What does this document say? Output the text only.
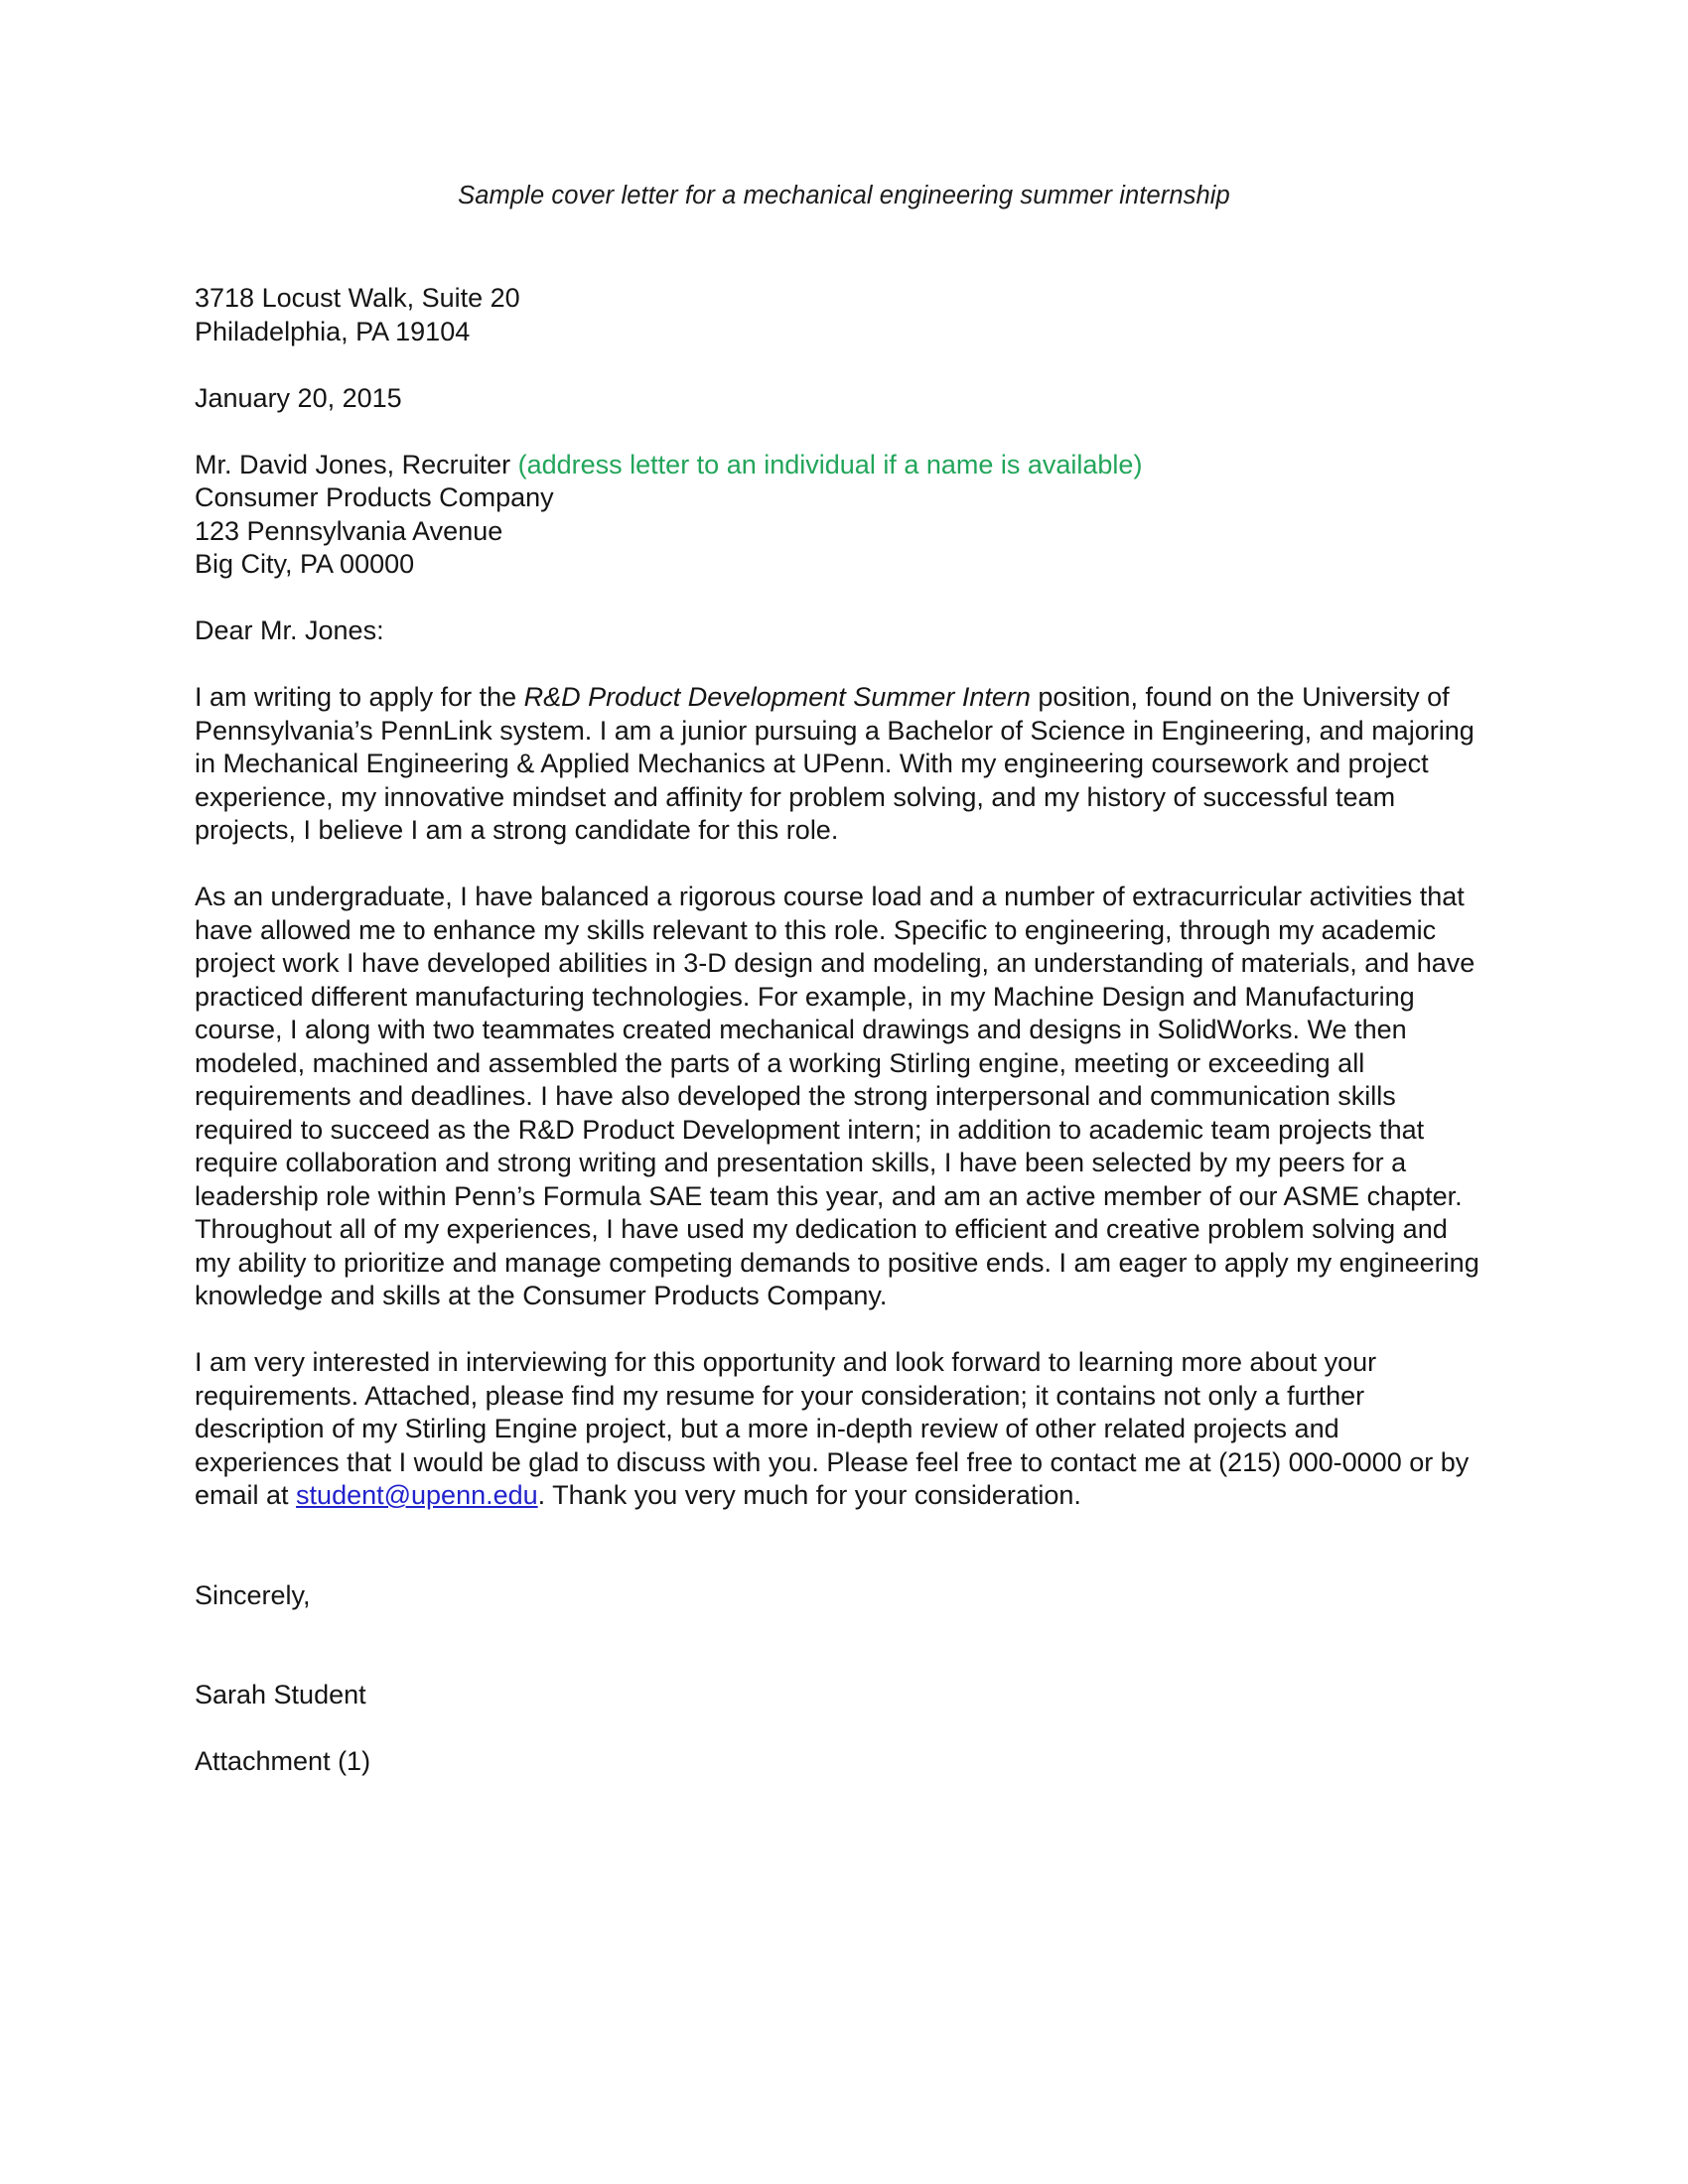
Sample cover letter for a mechanical engineering summer internship
3718 Locust Walk, Suite 20
Philadelphia, PA 19104
January 20, 2015
Mr. David Jones, Recruiter (address letter to an individual if a name is available)
Consumer Products Company
123 Pennsylvania Avenue
Big City, PA 00000
Dear Mr. Jones:

I am writing to apply for the R&D Product Development Summer Intern position, found on the University of Pennsylvania’s PennLink system. I am a junior pursuing a Bachelor of Science in Engineering, and majoring in Mechanical Engineering & Applied Mechanics at UPenn. With my engineering coursework and project experience, my innovative mindset and affinity for problem solving, and my history of successful team projects, I believe I am a strong candidate for this role.

As an undergraduate, I have balanced a rigorous course load and a number of extracurricular activities that have allowed me to enhance my skills relevant to this role. Specific to engineering, through my academic project work I have developed abilities in 3-D design and modeling, an understanding of materials, and have practiced different manufacturing technologies. For example, in my Machine Design and Manufacturing course, I along with two teammates created mechanical drawings and designs in SolidWorks. We then modeled, machined and assembled the parts of a working Stirling engine, meeting or exceeding all requirements and deadlines. I have also developed the strong interpersonal and communication skills required to succeed as the R&D Product Development intern; in addition to academic team projects that require collaboration and strong writing and presentation skills, I have been selected by my peers for a leadership role within Penn’s Formula SAE team this year, and am an active member of our ASME chapter. Throughout all of my experiences, I have used my dedication to efficient and creative problem solving and my ability to prioritize and manage competing demands to positive ends. I am eager to apply my engineering knowledge and skills at the Consumer Products Company.

I am very interested in interviewing for this opportunity and look forward to learning more about your requirements. Attached, please find my resume for your consideration; it contains not only a further description of my Stirling Engine project, but a more in-depth review of other related projects and experiences that I would be glad to discuss with you. Please feel free to contact me at (215) 000-0000 or by email at student@upenn.edu. Thank you very much for your consideration.

Sincerely,
Sarah Student
Attachment (1)
